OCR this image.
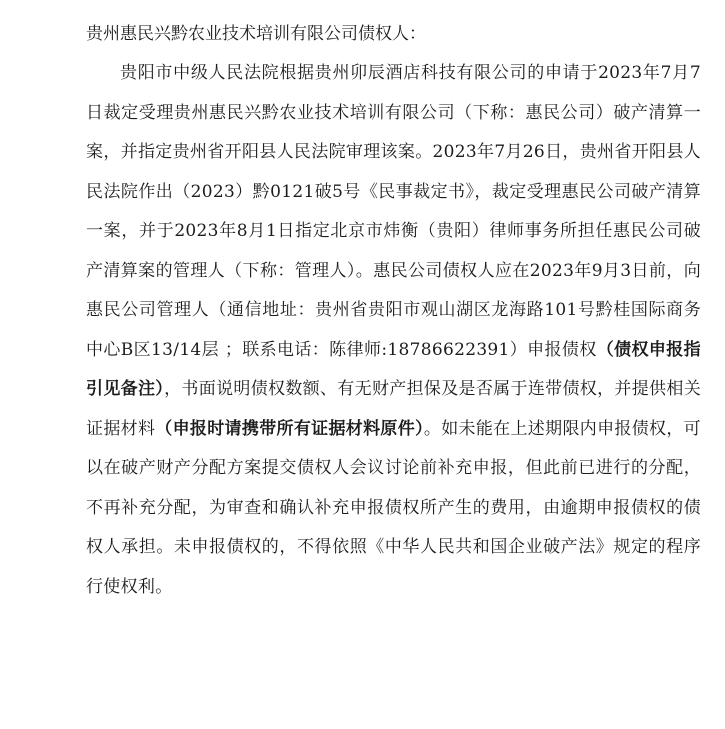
贵州惠民兴黔农业技术培训有限公司债权人：

贵阳市中级人民法院根据贵州卯辰酒店科技有限公司的申请于2023年7月7日裁定受理贵州惠民兴黔农业技术培训有限公司（下称：惠民公司）破产清算一案，并指定贵州省开阳县人民法院审理该案。2023年7月26日，贵州省开阳县人民法院作出（2023）黔0121破5号《民事裁定书》，裁定受理惠民公司破产清算一案，并于2023年8月1日指定北京市炜衡（贵阳）律师事务所担任惠民公司破产清算案的管理人（下称：管理人）。惠民公司债权人应在2023年9月3日前，向惠民公司管理人（通信地址：贵州省贵阳市观山湖区龙海路101号黔桂国际商务中心B区13/14层 ；联系电话：陈律师:18786622391）申报债权（债权申报指引见备注），书面说明债权数额、有无财产担保及是否属于连带债权，并提供相关证据材料（申报时请携带所有证据材料原件）。如未能在上述期限内申报债权，可以在破产财产分配方案提交债权人会议讨论前补充申报，但此前已进行的分配，不再补充分配，为审查和确认补充申报债权所产生的费用，由逾期申报债权的债权人承担。未申报债权的，不得依照《中华人民共和国企业破产法》规定的程序行使权利。
